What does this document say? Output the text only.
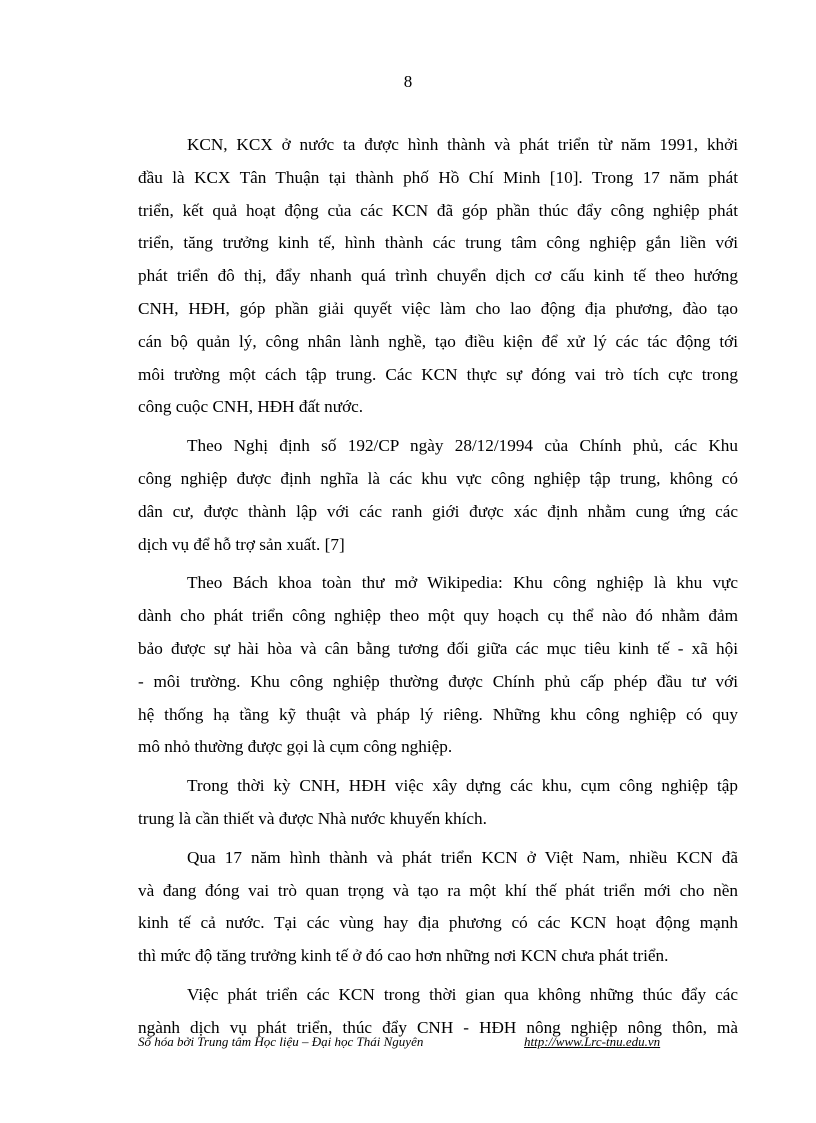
8
KCN, KCX ở nước ta được hình thành và phát triển từ năm 1991, khởi
đầu là KCX Tân Thuận tại thành phố Hồ Chí Minh [10]. Trong 17 năm phát
triển, kết quả hoạt động của các KCN đã góp phần thúc đẩy công nghiệp phát
triển, tăng trưởng kinh tế, hình thành các trung tâm công nghiệp gắn liền với
phát triển đô thị, đẩy nhanh quá trình chuyển dịch cơ cấu kinh tế theo hướng
CNH, HĐH, góp phần giải quyết việc làm cho lao động địa phương, đào tạo
cán bộ quản lý, công nhân lành nghề, tạo điều kiện để xử lý các tác động tới
môi trường một cách tập trung. Các KCN thực sự đóng vai trò tích cực trong
công cuộc CNH, HĐH đất nước.
Theo Nghị định số 192/CP ngày 28/12/1994 của Chính phủ, các Khu
công nghiệp được định nghĩa là các khu vực công nghiệp tập trung, không có
dân cư, được thành lập với các ranh giới được xác định nhằm cung ứng các
dịch vụ để hỗ trợ sản xuất. [7]
Theo Bách khoa toàn thư mở Wikipedia: Khu công nghiệp là khu vực
dành cho phát triển công nghiệp theo một quy hoạch cụ thể nào đó nhằm đảm
bảo được sự hài hòa và cân bằng tương đối giữa các mục tiêu kinh tế - xã hội
- môi trường. Khu công nghiệp thường được Chính phủ cấp phép đầu tư với
hệ thống hạ tầng kỹ thuật và pháp lý riêng. Những khu công nghiệp có quy
mô nhỏ thường được gọi là cụm công nghiệp.
Trong thời kỳ CNH, HĐH việc xây dựng các khu, cụm công nghiệp tập
trung là cần thiết và được Nhà nước khuyến khích.
Qua 17 năm hình thành và phát triển KCN ở Việt Nam, nhiều KCN đã
và đang đóng vai trò quan trọng và tạo ra một khí thế phát triển mới cho nền
kinh tế cả nước. Tại các vùng hay địa phương có các KCN hoạt động mạnh
thì mức độ tăng trưởng kinh tế ở đó cao hơn những nơi KCN chưa phát triển.
Việc phát triển các KCN trong thời gian qua không những thúc đẩy các
ngành dịch vụ phát triển, thúc đẩy CNH - HĐH nông nghiệp nông thôn, mà
Số hóa bởi Trung tâm Học liệu – Đại học Thái Nguyên	http://www.Lrc-tnu.edu.vn
